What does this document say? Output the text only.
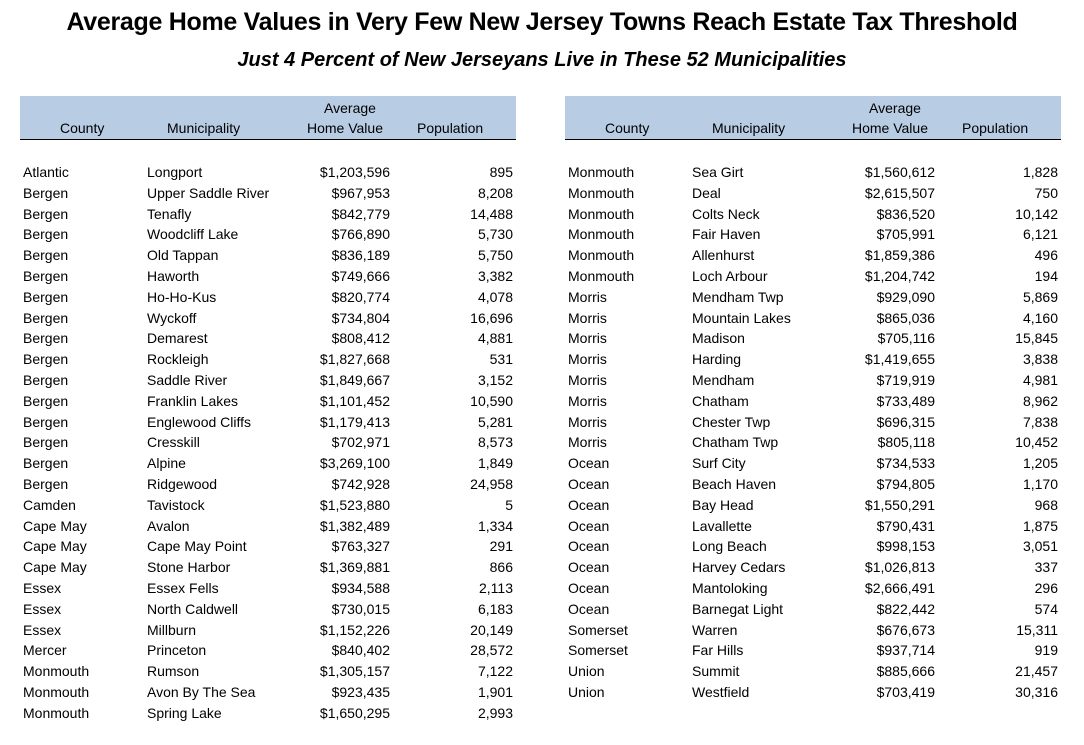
Average Home Values in Very Few New Jersey Towns Reach Estate Tax Threshold
Just 4 Percent of New Jerseyans Live in These 52 Municipalities
County	Municipality
Average
Home Value	Population
Atlantic	Longport	$1,203,596	895
Bergen	Upper Saddle River	$967,953	8,208
Bergen	Tenafly	$842,779	14,488
Bergen	Woodcliff Lake	$766,890	5,730
Bergen	Old Tappan	$836,189	5,750
Bergen	Haworth	$749,666	3,382
Bergen	Ho-Ho-Kus	$820,774	4,078
Bergen	Wyckoff	$734,804	16,696
Bergen	Demarest	$808,412	4,881
Bergen	Rockleigh	$1,827,668	531
Bergen	Saddle River	$1,849,667	3,152
Bergen	Franklin Lakes	$1,101,452	10,590
Bergen	Englewood Cliffs	$1,179,413	5,281
Bergen	Cresskill	$702,971	8,573
Bergen	Alpine	$3,269,100	1,849
Bergen	Ridgewood	$742,928	24,958
Camden	Tavistock	$1,523,880	5
Cape May	Avalon	$1,382,489	1,334
Cape May	Cape May Point	$763,327	291
Cape May	Stone Harbor	$1,369,881	866
Essex	Essex Fells	$934,588	2,113
Essex	North Caldwell	$730,015	6,183
Essex	Millburn	$1,152,226	20,149
Mercer	Princeton	$840,402	28,572
Monmouth	Rumson	$1,305,157	7,122
Monmouth	Avon By The Sea	$923,435	1,901
Monmouth	Spring Lake	$1,650,295	2,993
County	Municipality
Average
Home Value	Population
Monmouth	Sea Girt	$1,560,612	1,828
Monmouth	Deal	$2,615,507	750
Monmouth	Colts Neck	$836,520	10,142
Monmouth	Fair Haven	$705,991	6,121
Monmouth	Allenhurst	$1,859,386	496
Monmouth	Loch Arbour	$1,204,742	194
Morris	Mendham Twp	$929,090	5,869
Morris	Mountain Lakes	$865,036	4,160
Morris	Madison	$705,116	15,845
Morris	Harding	$1,419,655	3,838
Morris	Mendham	$719,919	4,981
Morris	Chatham	$733,489	8,962
Morris	Chester Twp	$696,315	7,838
Morris	Chatham Twp	$805,118	10,452
Ocean	Surf City	$734,533	1,205
Ocean	Beach Haven	$794,805	1,170
Ocean	Bay Head	$1,550,291	968
Ocean	Lavallette	$790,431	1,875
Ocean	Long Beach	$998,153	3,051
Ocean	Harvey Cedars	$1,026,813	337
Ocean	Mantoloking	$2,666,491	296
Ocean	Barnegat Light	$822,442	574
Somerset	Warren	$676,673	15,311
Somerset	Far Hills	$937,714	919
Union	Summit	$885,666	21,457
Union	Westfield	$703,419	30,316
